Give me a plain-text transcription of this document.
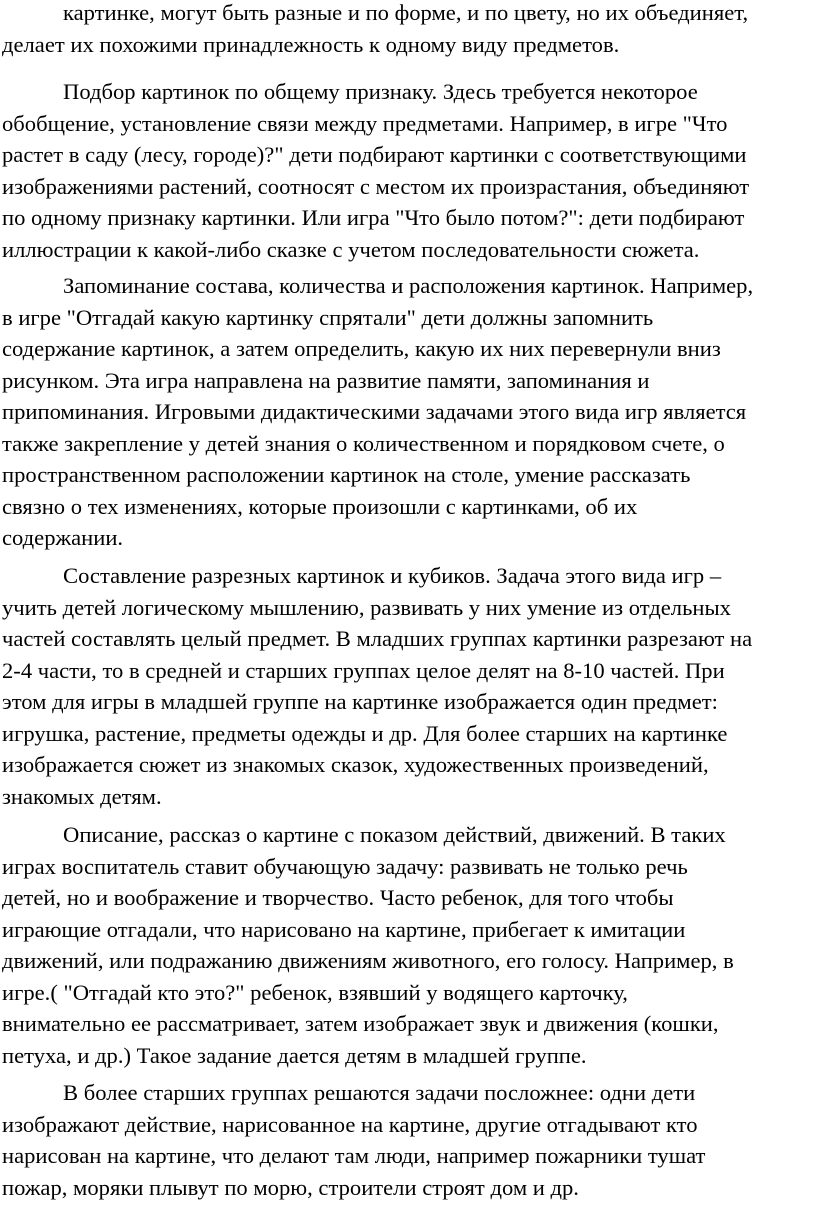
картинке, могут быть разные и по форме, и по цвету, но их объединяет,
делает их похожими принадлежность к одному виду предметов.
Подбор картинок по общему признаку. Здесь требуется некоторое
обобщение, установление связи между предметами. Например, в игре "Что
растет в саду (лесу, городе)?" дети подбирают картинки с соответствующими
изображениями растений, соотносят с местом их произрастания, объединяют
по одному признаку картинки. Или игра "Что было потом?": дети подбирают
иллюстрации к какой-либо сказке с учетом последовательности сюжета.
Запоминание состава, количества и расположения картинок. Например,
в игре "Отгадай какую картинку спрятали" дети должны запомнить
содержание картинок, а затем определить, какую их них перевернули вниз
рисунком. Эта игра направлена на развитие памяти, запоминания и
припоминания. Игровыми дидактическими задачами этого вида игр является
также закрепление у детей знания о количественном и порядковом счете, о
пространственном расположении картинок на столе, умение рассказать
связно о тех изменениях, которые произошли с картинками, об их
содержании.
Составление разрезных картинок и кубиков. Задача этого вида игр –
учить детей логическому мышлению, развивать у них умение из отдельных
частей составлять целый предмет. В младших группах картинки разрезают на
2-4 части, то в средней и старших группах целое делят на 8-10 частей. При
этом для игры в младшей группе на картинке изображается один предмет:
игрушка, растение, предметы одежды и др. Для более старших на картинке
изображается сюжет из знакомых сказок, художественных произведений,
знакомых детям.
Описание, рассказ о картине с показом действий, движений. В таких
играх воспитатель ставит обучающую задачу: развивать не только речь
детей, но и воображение и творчество. Часто ребенок, для того чтобы
играющие отгадали, что нарисовано на картине, прибегает к имитации
движений, или подражанию движениям животного, его голосу. Например, в
игре.( "Отгадай кто это?" ребенок, взявший у водящего карточку,
внимательно ее рассматривает, затем изображает звук и движения (кошки,
петуха, и др.) Такое задание дается детям в младшей группе.
В более старших группах решаются задачи посложнее: одни дети
изображают действие, нарисованное на картине, другие отгадывают кто
нарисован на картине, что делают там люди, например пожарники тушат
пожар, моряки плывут по морю, строители строят дом и др.
